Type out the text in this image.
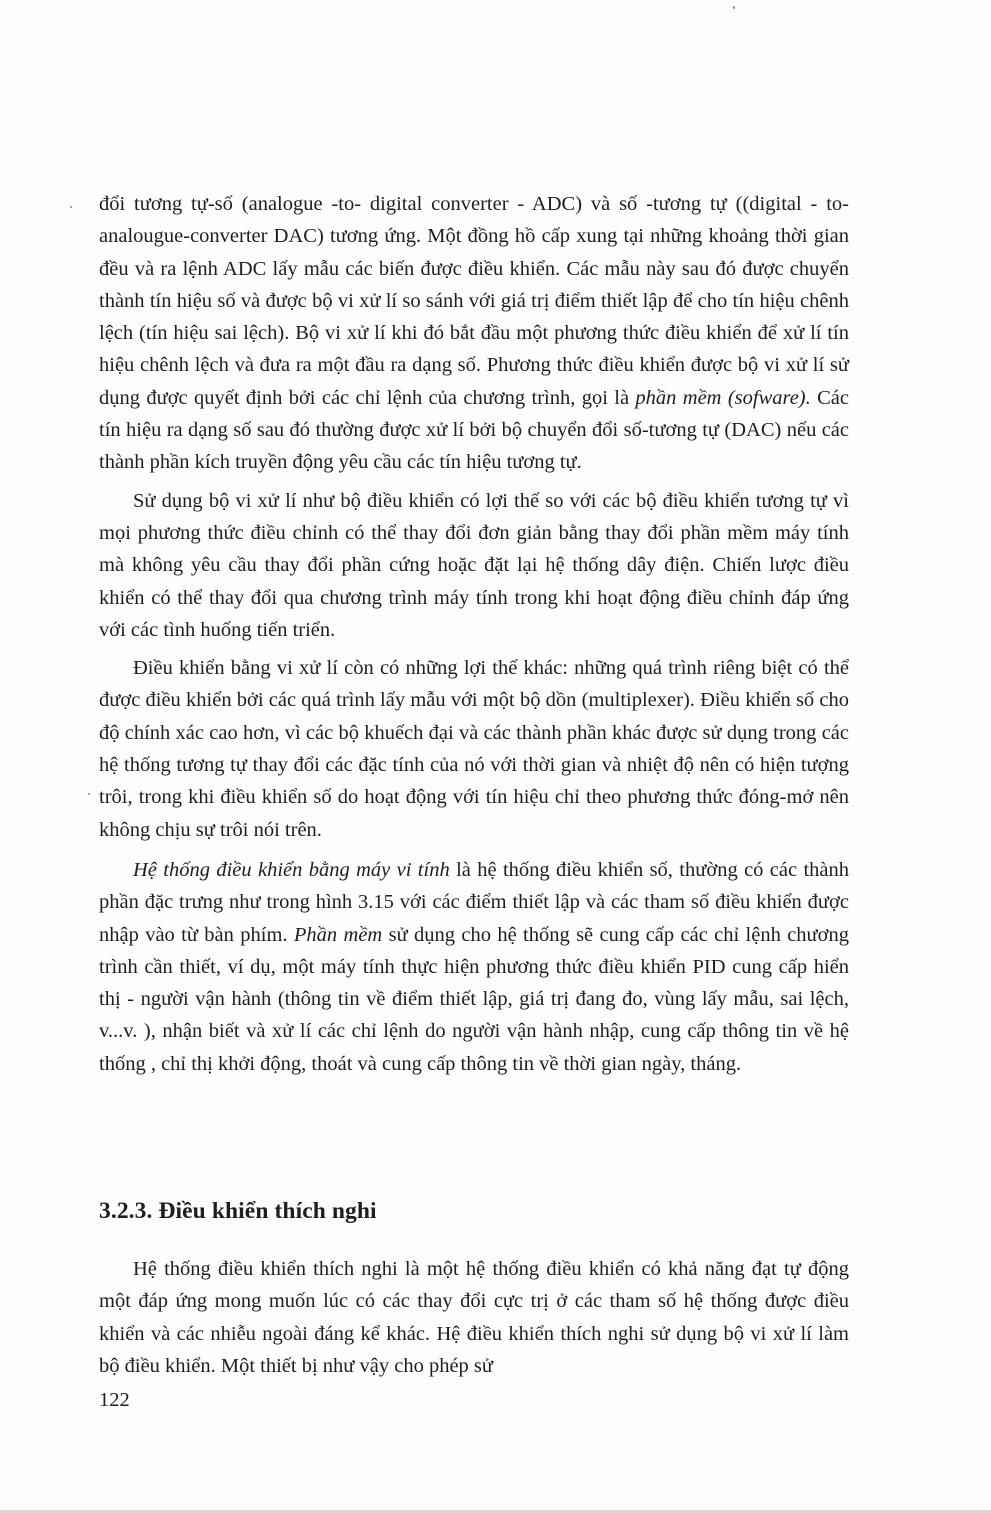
đổi tương tự-số (analogue -to- digital converter - ADC) và số -tương tự ((digital - to- analougue-converter DAC) tương ứng. Một đồng hồ cấp xung tại những khoảng thời gian đều và ra lệnh ADC lấy mẫu các biến được điều khiển. Các mẫu này sau đó được chuyển thành tín hiệu số và được bộ vi xử lí so sánh với giá trị điểm thiết lập để cho tín hiệu chênh lệch (tín hiệu sai lệch). Bộ vi xử lí khi đó bắt đầu một phương thức điều khiển để xử lí tín hiệu chênh lệch và đưa ra một đầu ra dạng số. Phương thức điều khiển được bộ vi xử lí sử dụng được quyết định bởi các chỉ lệnh của chương trình, gọi là phần mềm (sofware). Các tín hiệu ra dạng số sau đó thường được xử lí bởi bộ chuyển đổi số-tương tự (DAC) nếu các thành phần kích truyền động yêu cầu các tín hiệu tương tự.

Sử dụng bộ vi xử lí như bộ điều khiển có lợi thế so với các bộ điều khiển tương tự vì mọi phương thức điều chỉnh có thể thay đổi đơn giản bằng thay đổi phần mềm máy tính mà không yêu cầu thay đổi phần cứng hoặc đặt lại hệ thống dây điện. Chiến lược điều khiển có thể thay đổi qua chương trình máy tính trong khi hoạt động điều chỉnh đáp ứng với các tình huống tiến triển.

Điều khiển bằng vi xử lí còn có những lợi thế khác: những quá trình riêng biệt có thể được điều khiển bởi các quá trình lấy mẫu với một bộ dồn (multiplexer). Điều khiển số cho độ chính xác cao hơn, vì các bộ khuếch đại và các thành phần khác được sử dụng trong các hệ thống tương tự thay đổi các đặc tính của nó với thời gian và nhiệt độ nên có hiện tượng trôi, trong khi điều khiển số do hoạt động với tín hiệu chỉ theo phương thức đóng-mở nên không chịu sự trôi nói trên.

Hệ thống điều khiển bằng máy vi tính là hệ thống điều khiển số, thường có các thành phần đặc trưng như trong hình 3.15 với các điểm thiết lập và các tham số điều khiển được nhập vào từ bàn phím. Phần mềm sử dụng cho hệ thống sẽ cung cấp các chỉ lệnh chương trình cần thiết, ví dụ, một máy tính thực hiện phương thức điều khiển PID cung cấp hiển thị - người vận hành (thông tin về điểm thiết lập, giá trị đang đo, vùng lấy mẫu, sai lệch, v...v. ), nhận biết và xử lí các chỉ lệnh do người vận hành nhập, cung cấp thông tin về hệ thống , chỉ thị khởi động, thoát và cung cấp thông tin về thời gian ngày, tháng.

3.2.3. Điều khiển thích nghi

Hệ thống điều khiển thích nghi là một hệ thống điều khiển có khả năng đạt tự động một đáp ứng mong muốn lúc có các thay đổi cực trị ở các tham số hệ thống được điều khiển và các nhiễu ngoài đáng kể khác. Hệ điều khiển thích nghi sử dụng bộ vi xử lí làm bộ điều khiển. Một thiết bị như vậy cho phép sử

122
